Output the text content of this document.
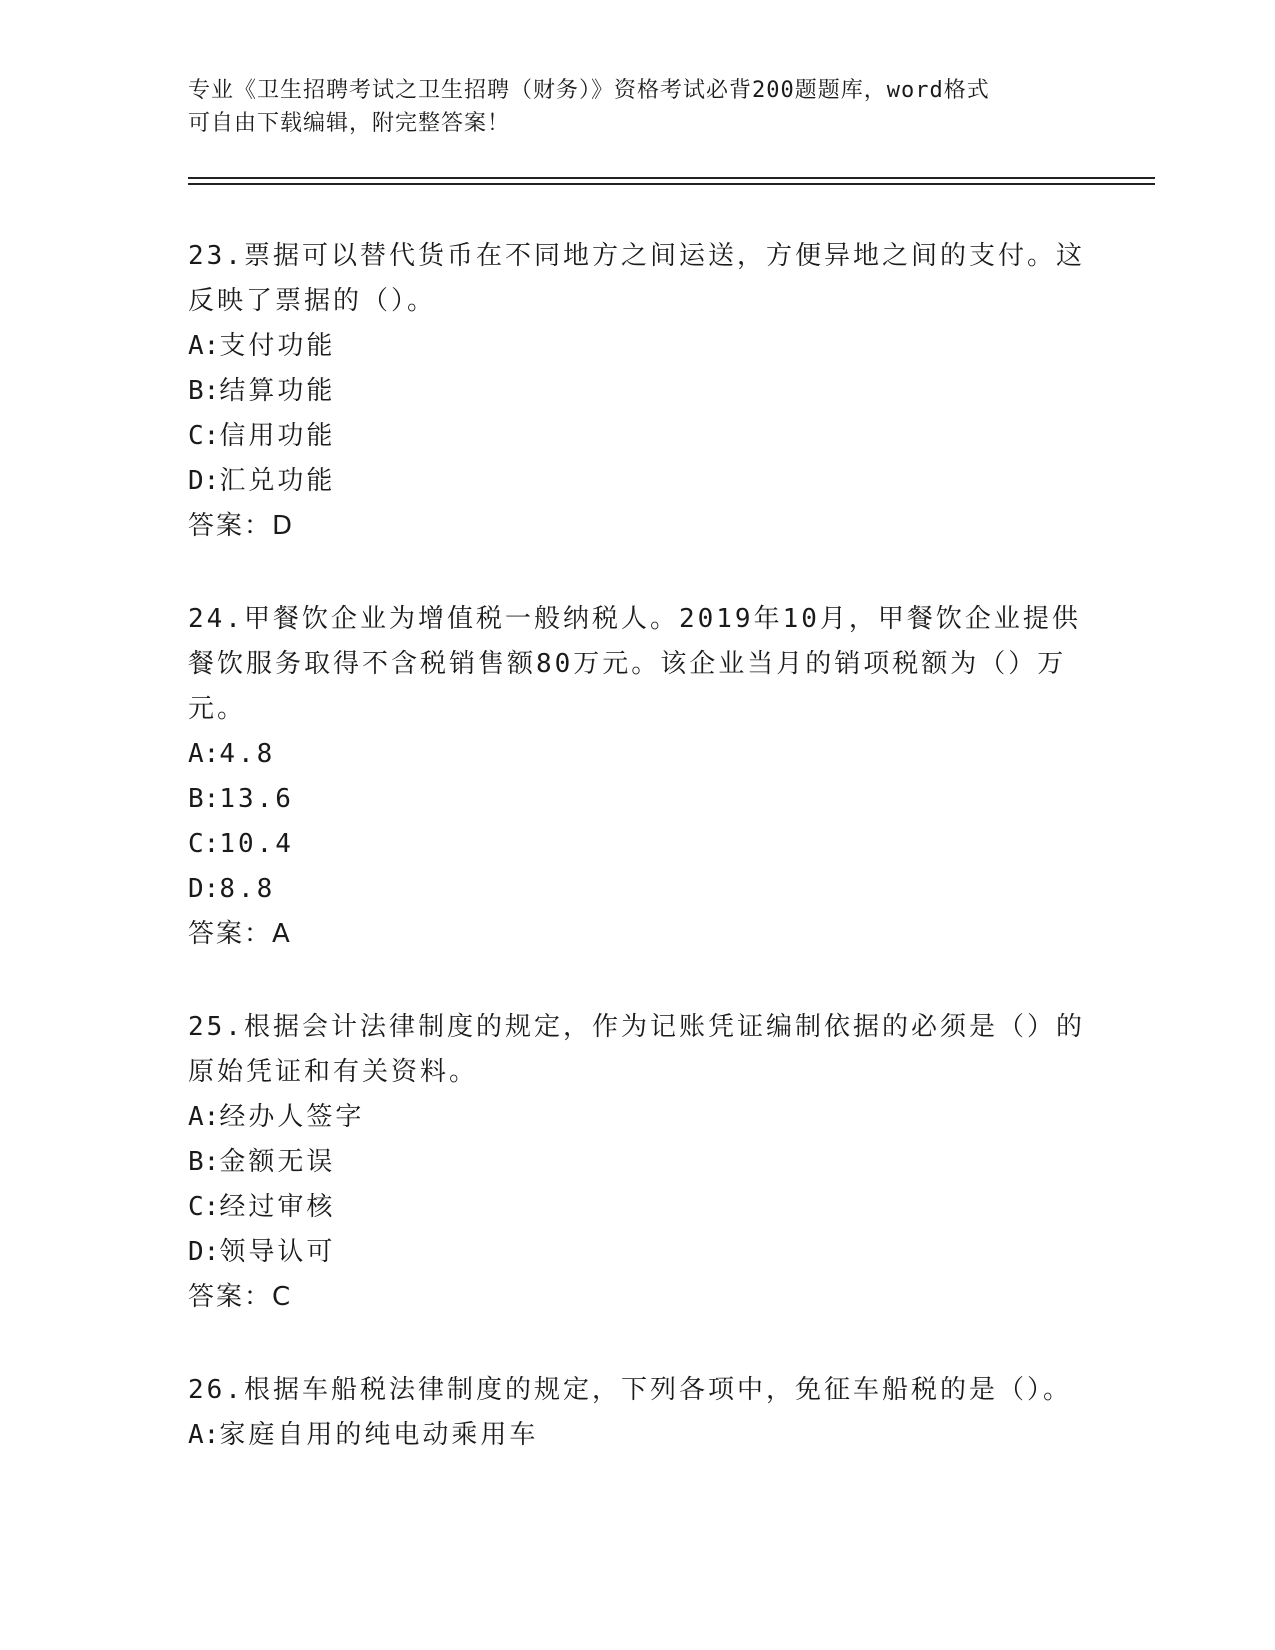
专业《卫生招聘考试之卫生招聘（财务）》资格考试必背200题题库，word格式
可自由下载编辑，附完整答案！

23.票据可以替代货币在不同地方之间运送，方便异地之间的支付。这反映了票据的（）。

A:支付功能

B:结算功能

C:信用功能

D:汇兑功能

答案：D

24.甲餐饮企业为增值税一般纳税人。2019年10月，甲餐饮企业提供餐饮服务取得不含税销售额80万元。该企业当月的销项税额为（）万元。

A:4.8

B:13.6

C:10.4

D:8.8

答案：A

25.根据会计法律制度的规定，作为记账凭证编制依据的必须是（）的原始凭证和有关资料。

A:经办人签字

B:金额无误

C:经过审核

D:领导认可

答案：C

26.根据车船税法律制度的规定，下列各项中，免征车船税的是（）。

A:家庭自用的纯电动乘用车
